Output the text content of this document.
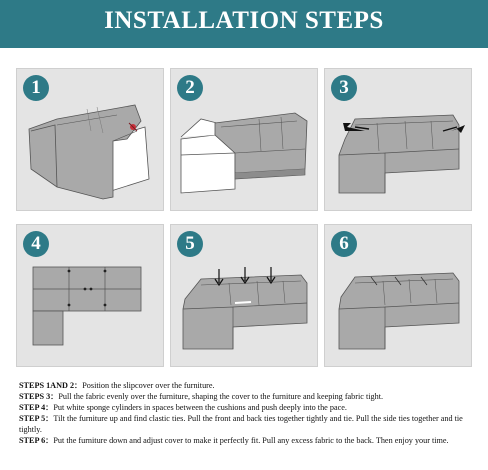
INSTALLATION STEPS
1	2	3
4	5	6

STEPS 1AND 2：Position the slipcover over the furniture.

STEPS 3：Pull the fabric evenly over the furniture, shaping the cover to the furniture and keeping fabric tight.

STEP 4：Put white sponge cylinders in spaces between the cushions and push deeply into the pace.

STEP 5：Tilt the furniture up and find clastic ties. Pull the front and back ties together tightly and tie. Pull the side ties together and tie tightly.

STEP 6：Put the furniture down and adjust cover to make it perfectly fit. Pull any excess fabric to the back. Then enjoy your time.
